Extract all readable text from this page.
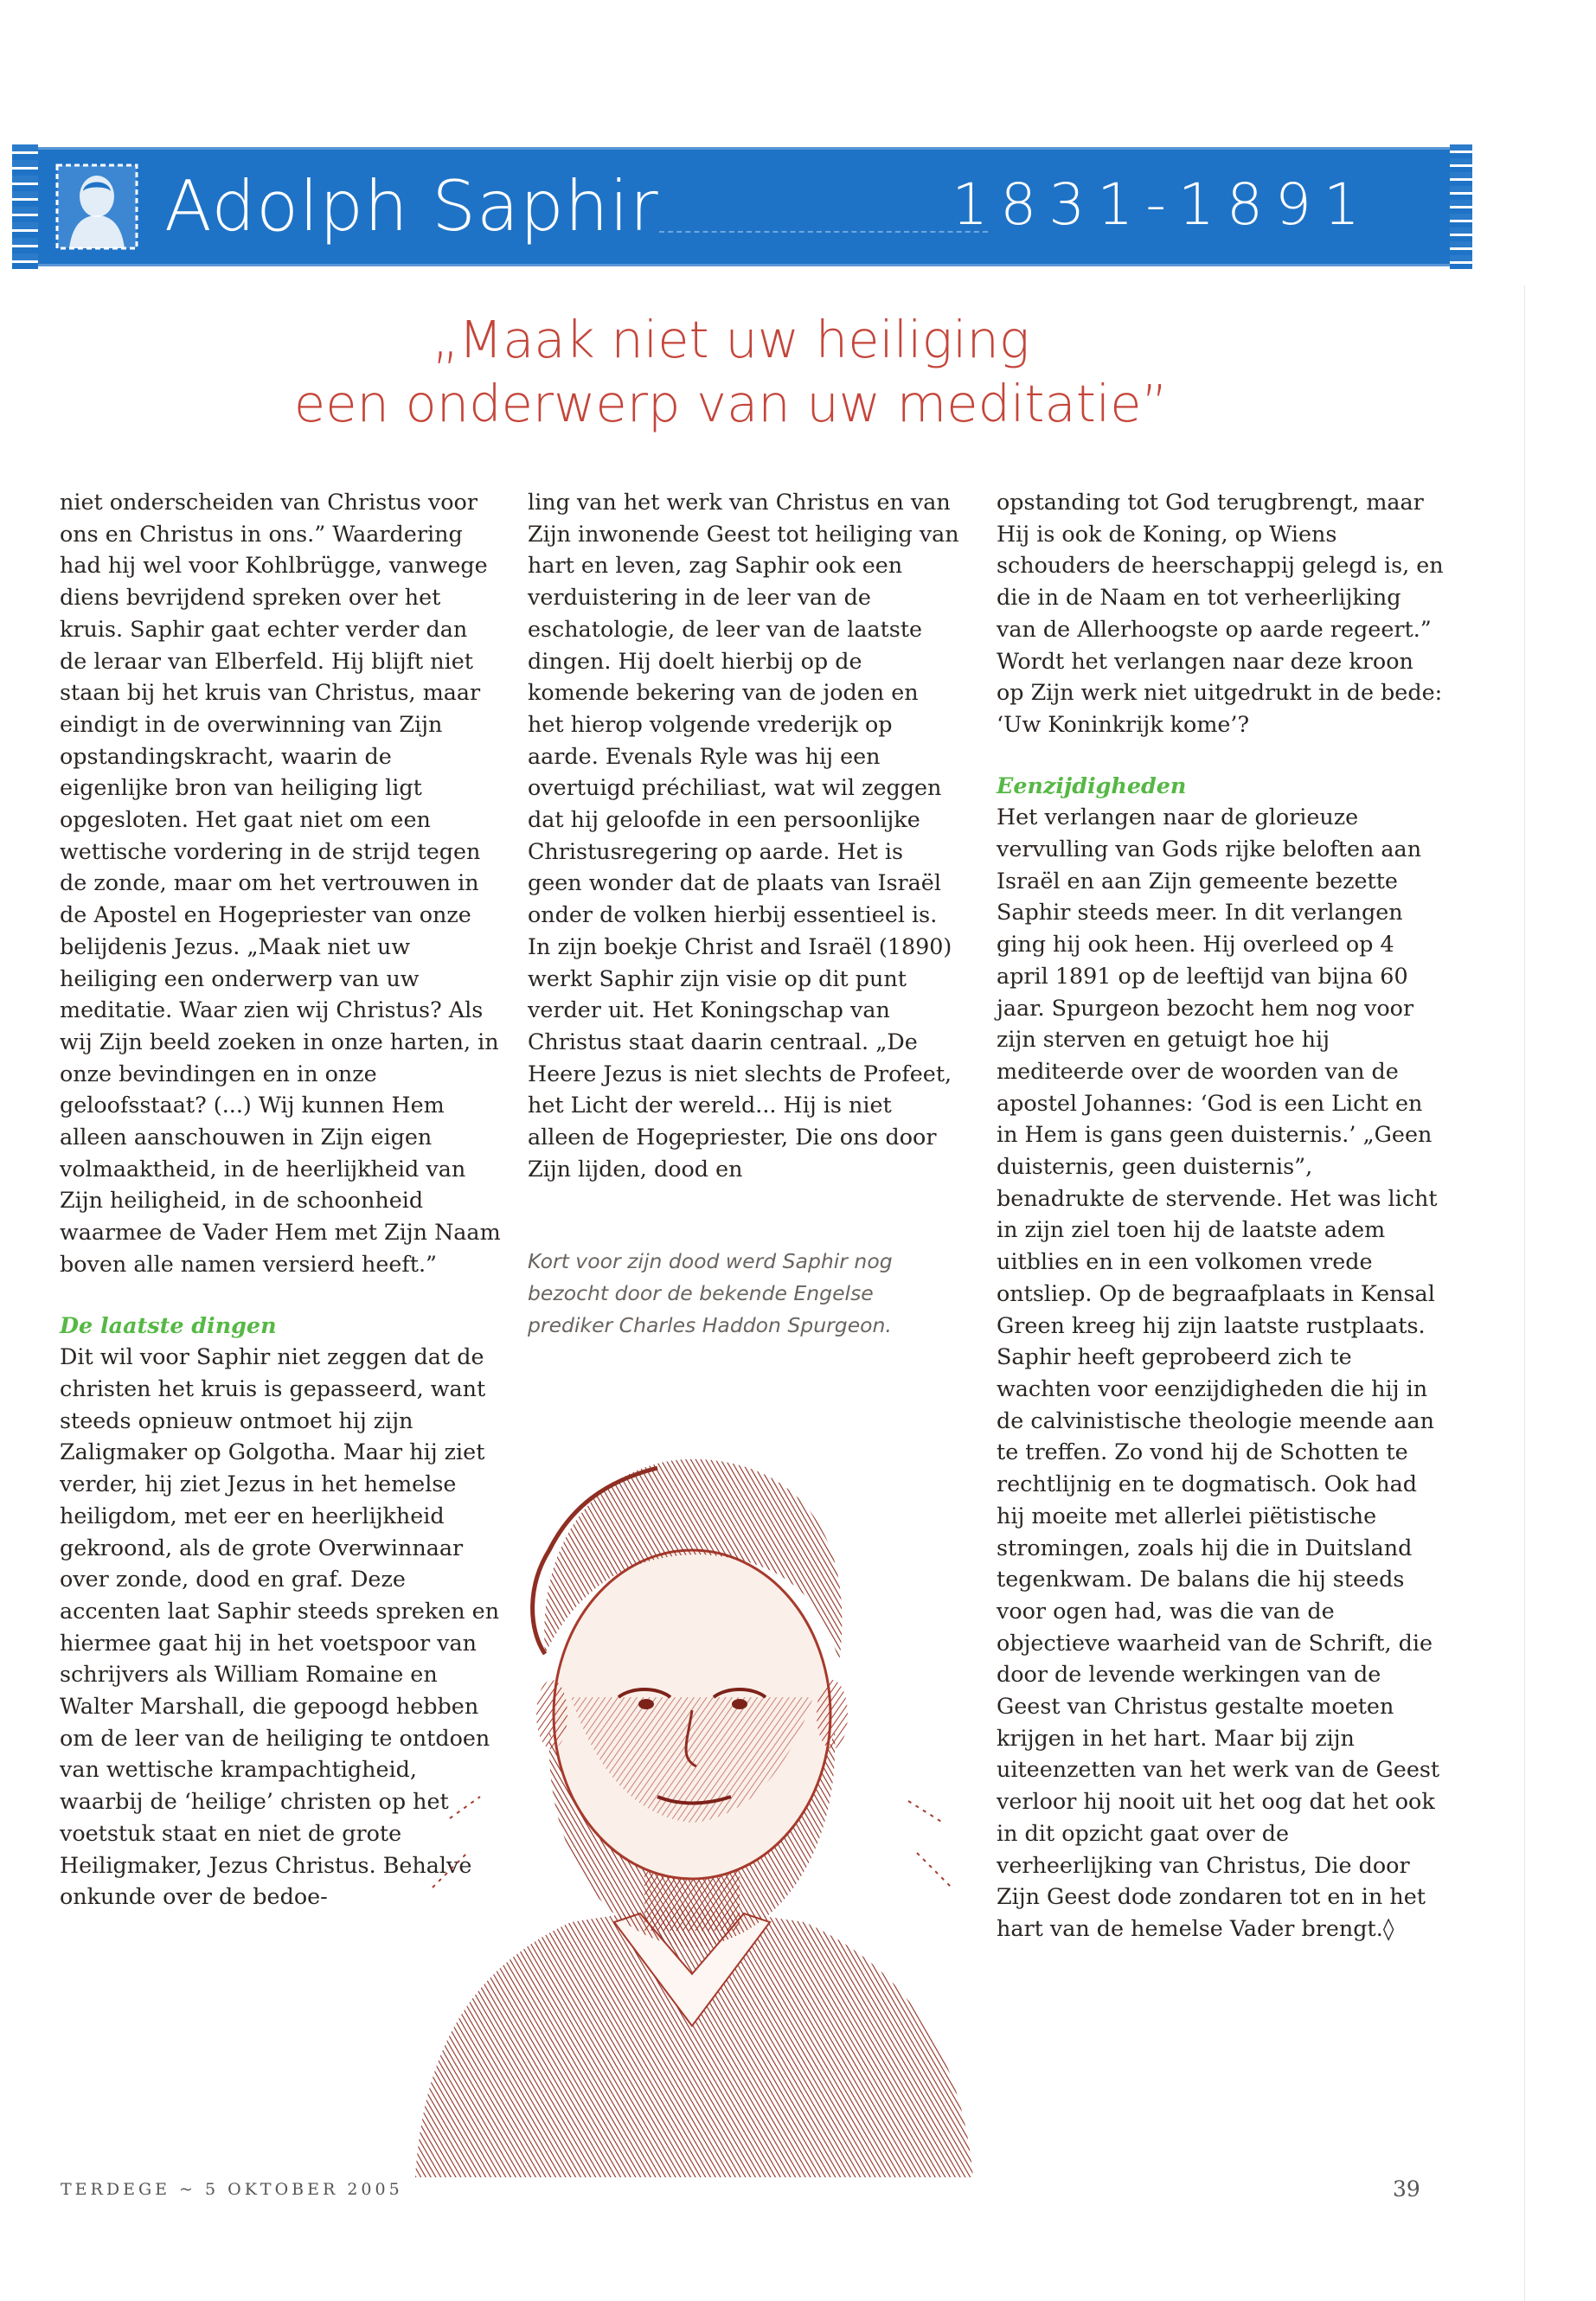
Adolph Saphir	1831-1891
„Maak niet uw heiliging
een onderwerp van uw meditatie”

niet onderscheiden van Christus voor ons en Christus in ons.” Waardering had hij wel voor Kohlbrügge, vanwege diens bevrijdend spreken over het kruis. Saphir gaat echter verder dan de leraar van Elberfeld. Hij blijft niet staan bij het kruis van Christus, maar eindigt in de overwinning van Zijn opstandingskracht, waarin de eigenlijke bron van heiliging ligt opgesloten. Het gaat niet om een wettische vordering in de strijd tegen de zonde, maar om het vertrouwen in de Apostel en Hogepriester van onze belijdenis Jezus. „Maak niet uw heiliging een onderwerp van uw meditatie. Waar zien wij Christus? Als wij Zijn beeld zoeken in onze harten, in onze bevindingen en in onze geloofsstaat? (...) Wij kunnen Hem alleen aanschouwen in Zijn eigen volmaaktheid, in de heerlijkheid van Zijn heiligheid, in de schoonheid waarmee de Vader Hem met Zijn Naam boven alle namen versierd heeft.”

De laatste dingen

Dit wil voor Saphir niet zeggen dat de christen het kruis is gepasseerd, want steeds opnieuw ontmoet hij zijn Zaligmaker op Golgotha. Maar hij ziet verder, hij ziet Jezus in het hemelse heiligdom, met eer en heerlijkheid gekroond, als de grote Overwinnaar over zonde, dood en graf. Deze accenten laat Saphir steeds spreken en hiermee gaat hij in het voetspoor van schrijvers als William Romaine en Walter Marshall, die gepoogd hebben om de leer van de heiliging te ontdoen van wettische krampachtigheid, waarbij de ‘heilige’ christen op het voetstuk staat en niet de grote Heiligmaker, Jezus Christus. Behalve onkunde over de bedoe-

ling van het werk van Christus en van Zijn inwonende Geest tot heiliging van hart en leven, zag Saphir ook een verduistering in de leer van de eschatologie, de leer van de laatste dingen. Hij doelt hierbij op de komende bekering van de joden en het hierop volgende vrederijk op aarde. Evenals Ryle was hij een overtuigd préchiliast, wat wil zeggen dat hij geloofde in een persoonlijke Christusregering op aarde. Het is geen wonder dat de plaats van Israël onder de volken hierbij essentieel is.

In zijn boekje Christ and Israël (1890) werkt Saphir zijn visie op dit punt verder uit. Het Koningschap van Christus staat daarin centraal. „De Heere Jezus is niet slechts de Profeet, het Licht der wereld... Hij is niet alleen de Hogepriester, Die ons door Zijn lijden, dood en

Kort voor zijn dood werd Saphir nog bezocht door de bekende Engelse prediker Charles Haddon Spurgeon.

opstanding tot God terugbrengt, maar Hij is ook de Koning, op Wiens schouders de heerschappij gelegd is, en die in de Naam en tot verheerlijking van de Allerhoogste op aarde regeert.” Wordt het verlangen naar deze kroon op Zijn werk niet uitgedrukt in de bede: ‘Uw Koninkrijk kome’?

Eenzijdigheden

Het verlangen naar de glorieuze vervulling van Gods rijke beloften aan Israël en aan Zijn gemeente bezette Saphir steeds meer. In dit verlangen ging hij ook heen. Hij overleed op 4 april 1891 op de leeftijd van bijna 60 jaar. Spurgeon bezocht hem nog voor zijn sterven en getuigt hoe hij mediteerde over de woorden van de apostel Johannes: ‘God is een Licht en in Hem is gans geen duisternis.’ „Geen duisternis, geen duisternis”, benadrukte de stervende. Het was licht in zijn ziel toen hij de laatste adem uitblies en in een volkomen vrede ontsliep. Op de begraafplaats in Kensal Green kreeg hij zijn laatste rustplaats.

Saphir heeft geprobeerd zich te wachten voor eenzijdigheden die hij in de calvinistische theologie meende aan te treffen. Zo vond hij de Schotten te rechtlijnig en te dogmatisch. Ook had hij moeite met allerlei piëtistische stromingen, zoals hij die in Duitsland tegenkwam. De balans die hij steeds voor ogen had, was die van de objectieve waarheid van de Schrift, die door de levende werkingen van de Geest van Christus gestalte moeten krijgen in het hart. Maar bij zijn uiteenzetten van het werk van de Geest verloor hij nooit uit het oog dat het ook in dit opzicht gaat over de verheerlijking van Christus, Die door Zijn Geest dode zondaren tot en in het hart van de hemelse Vader brengt.◊

TERDEGE ~ 5 OKTOBER 2005	39
